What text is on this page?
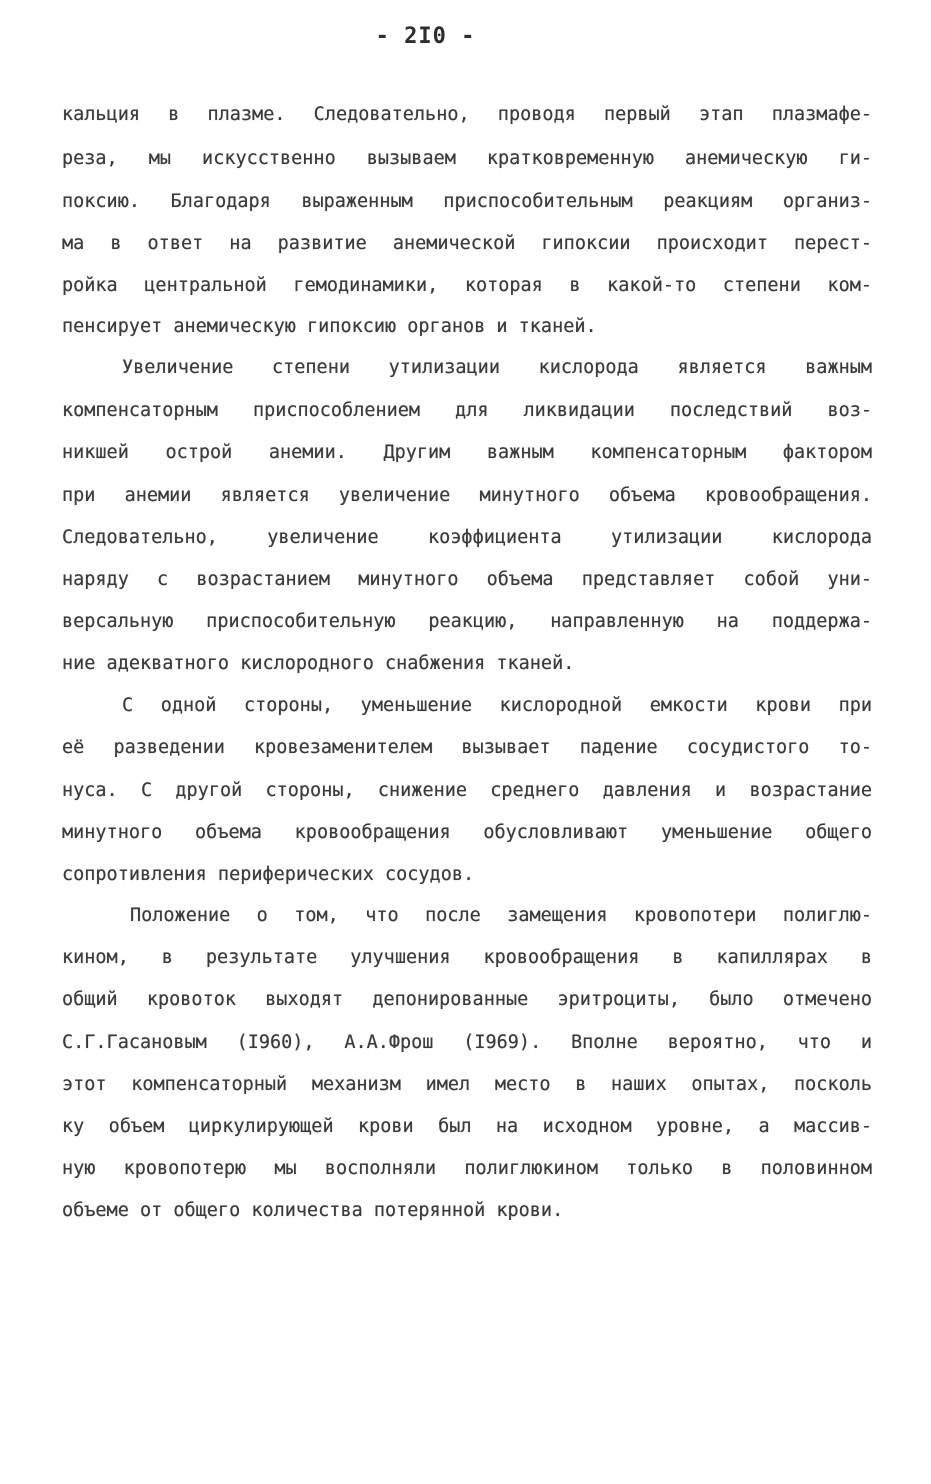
- 2I0 -
кальция в плазме. Следовательно, проводя первый этап плазмафе-
реза, мы искусственно вызываем кратковременную анемическую ги-
поксию. Благодаря выраженным приспособительным реакциям организ-
ма в ответ на развитие анемической гипоксии происходит перест-
ройка центральной гемодинамики, которая в какой-то степени ком-
пенсирует анемическую гипоксию органов и тканей.
Увеличение степени утилизации кислорода является важным
компенсаторным приспособлением для ликвидации последствий воз-
никшей острой анемии. Другим важным компенсаторным фактором
при анемии является увеличение минутного объема кровообращения.
Следовательно, увеличение коэффициента утилизации кислорода
наряду с возрастанием минутного объема представляет собой уни-
версальную приспособительную реакцию, направленную на поддержа-
ние адекватного кислородного снабжения тканей.
С одной стороны, уменьшение кислородной емкости крови при
её разведении кровезаменителем вызывает падение сосудистого то-
нуса. С другой стороны, снижение среднего давления и возрастание
минутного объема кровообращения обусловливают уменьшение общего
сопротивления периферических сосудов.
Положение о том, что после замещения кровопотери полиглю-
кином, в результате улучшения кровообращения в капиллярах в
общий кровоток выходят депонированные эритроциты, было отмечено
С.Г.Гасановым (I960), А.А.Фрош (I969). Вполне вероятно, что и
этот компенсаторный механизм имел место в наших опытах, посколь
ку объем циркулирующей крови был на исходном уровне, а массив-
ную кровопотерю мы восполняли полиглюкином только в половинном
объеме от общего количества потерянной крови.
